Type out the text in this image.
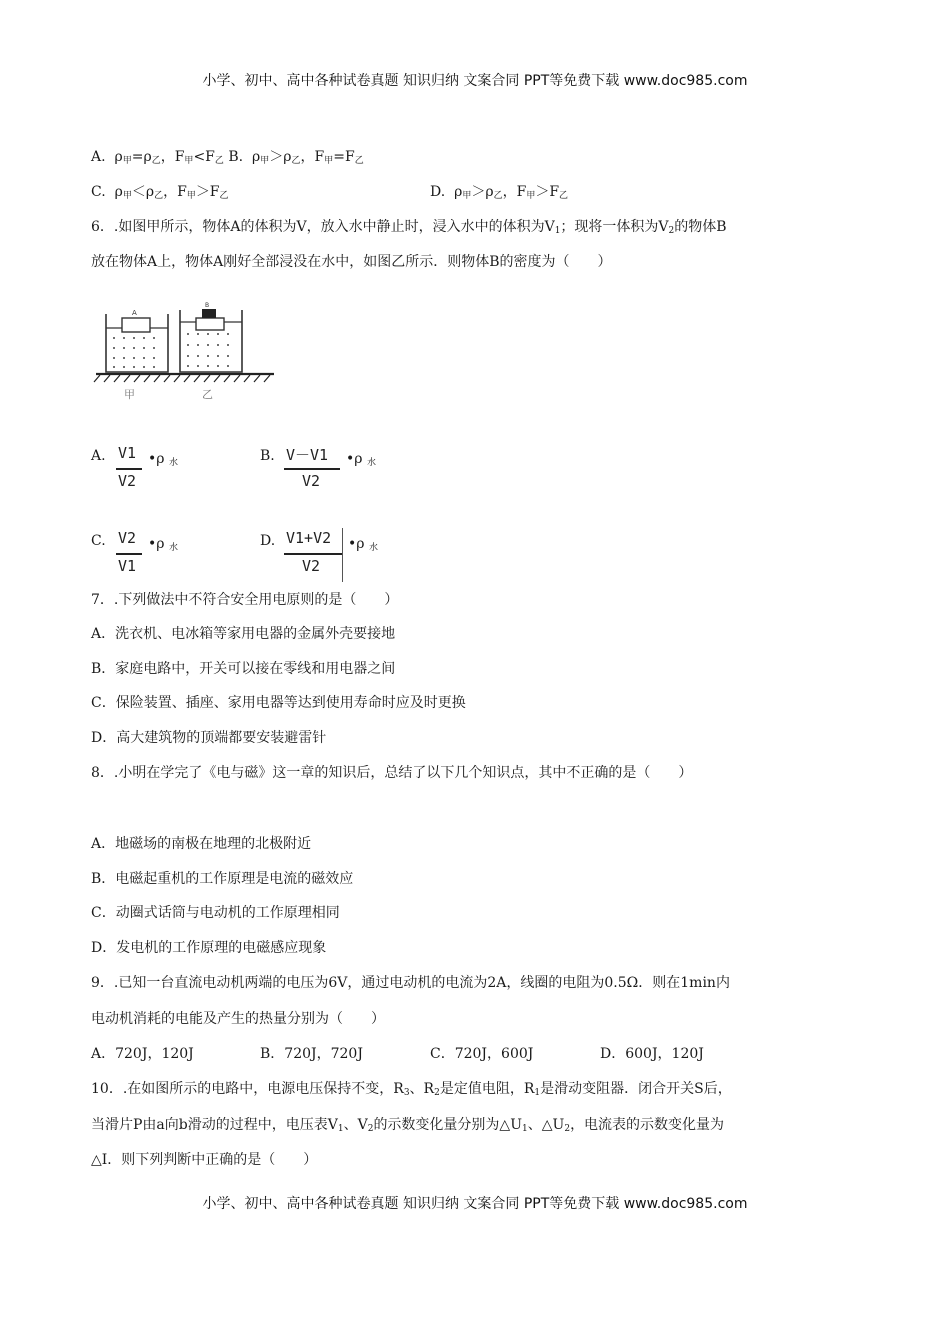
小学、初中、高中各种试卷真题 知识归纳 文案合同 PPT等免费下载 www.doc985.com
A. $\rho_甲=\rho_乙$，$F_甲<F_乙$ B. $\rho_甲>\rho_乙$，$F_甲=F_乙$
C. $\rho_甲<\rho_乙$，$F_甲>F_乙$	D. $\rho_甲>\rho_乙$，$F_甲>F_乙$
6．.如图甲所示，物体A的体积为V，放入水中静止时，浸入水中的体积为$V_1$；现将一体积为$V_2$的物体B
放在物体A上，物体A刚好全部浸没在水中，如图乙所示．则物体B的密度为（　　）
A
B
甲	乙
A. V1
V2
•ρ $_水$	B. V－V1
V2
•ρ $_水$
C. V2
V1
•ρ $_水$	D. V1+V2
V2
•ρ $_水$
7．.下列做法中不符合安全用电原则的是（　　）
A．洗衣机、电冰箱等家用电器的金属外壳要接地
B．家庭电路中，开关可以接在零线和用电器之间
C．保险装置、插座、家用电器等达到使用寿命时应及时更换
D．高大建筑物的顶端都要安装避雷针
8．.小明在学完了《电与磁》这一章的知识后，总结了以下几个知识点，其中不正确的是（　　）
A．地磁场的南极在地理的北极附近
B．电磁起重机的工作原理是电流的磁效应
C．动圈式话筒与电动机的工作原理相同
D．发电机的工作原理的电磁感应现象
9．.已知一台直流电动机两端的电压为6V，通过电动机的电流为2A，线圈的电阻为0.5Ω．则在1min内
电动机消耗的电能及产生的热量分别为（　　）
A．720J，120J	B．720J，720J	C．720J，600J	D．600J，120J
10．.在如图所示的电路中，电源电压保持不变，$R_3$、$R_2$是定值电阻，$R_1$是滑动变阻器．闭合开关S后，
当滑片P由a向b滑动的过程中，电压表$V_1$、$V_2$的示数变化量分别为$\triangle U_1$、$\triangle U_2$，电流表的示数变化量为
△I．则下列判断中正确的是（　　）
小学、初中、高中各种试卷真题 知识归纳 文案合同 PPT等免费下载 www.doc985.com
